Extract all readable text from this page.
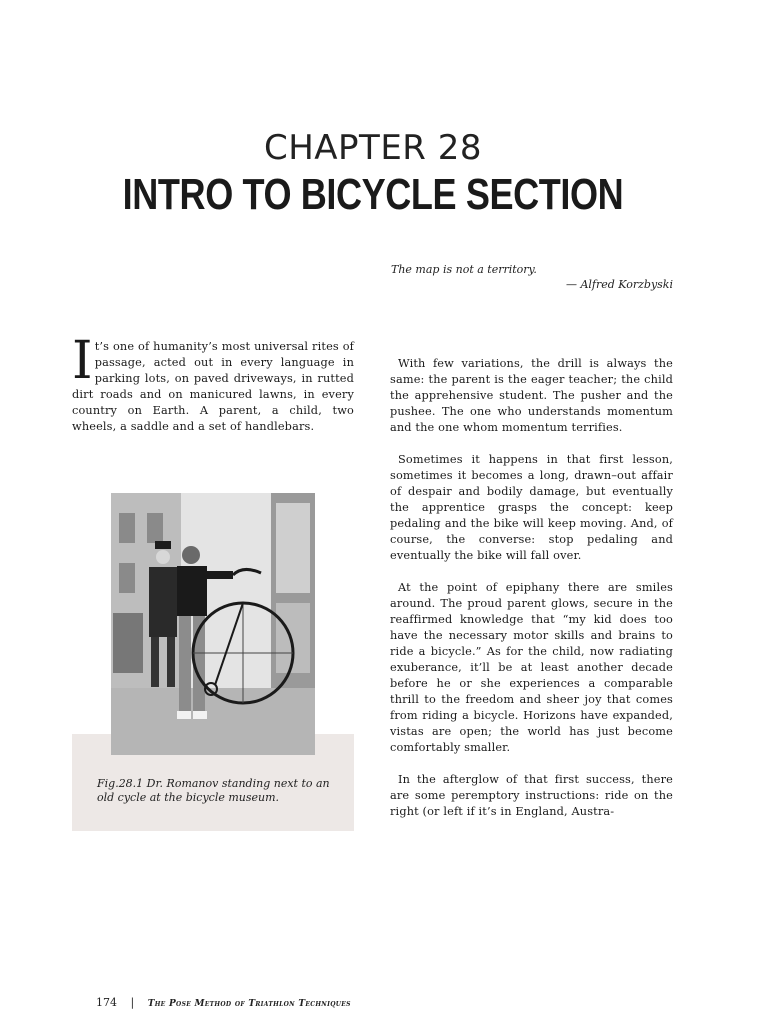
CHAPTER 28
INTRO TO BICYCLE SECTION
The map is not a territory.
— Alfred Korzbyski

It’s one of humanity’s most universal rites of passage, acted out in every language in parking lots, on paved driveways, in rutted dirt roads and on manicured lawns, in every country on Earth. A parent, a child, two wheels, a saddle and a set of handlebars.

Fig.28.1 Dr. Romanov standing next to an old cycle at the bicycle museum.

With few variations, the drill is always the same: the parent is the eager teacher; the child the apprehensive student. The pusher and the pushee. The one who understands momentum and the one whom momentum terrifies.

Sometimes it happens in that first lesson, sometimes it becomes a long, drawn–out affair of despair and bodily damage, but eventually the apprentice grasps the concept: keep pedaling and the bike will keep moving. And, of course, the converse: stop pedaling and eventually the bike will fall over.

At the point of epiphany there are smiles around. The proud parent glows, secure in the reaffirmed knowledge that “my kid does too have the necessary motor skills and brains to ride a bicycle.” As for the child, now radiating exuberance, it’ll be at least another decade before he or she experiences a comparable thrill to the freedom and sheer joy that comes from riding a bicycle. Horizons have expanded, vistas are open; the world has just become comfortably smaller.

In the afterglow of that first success, there are some peremptory instructions: ride on the right (or left if it’s in England, Austra-

174 | The Pose Method of Triathlon Techniques
